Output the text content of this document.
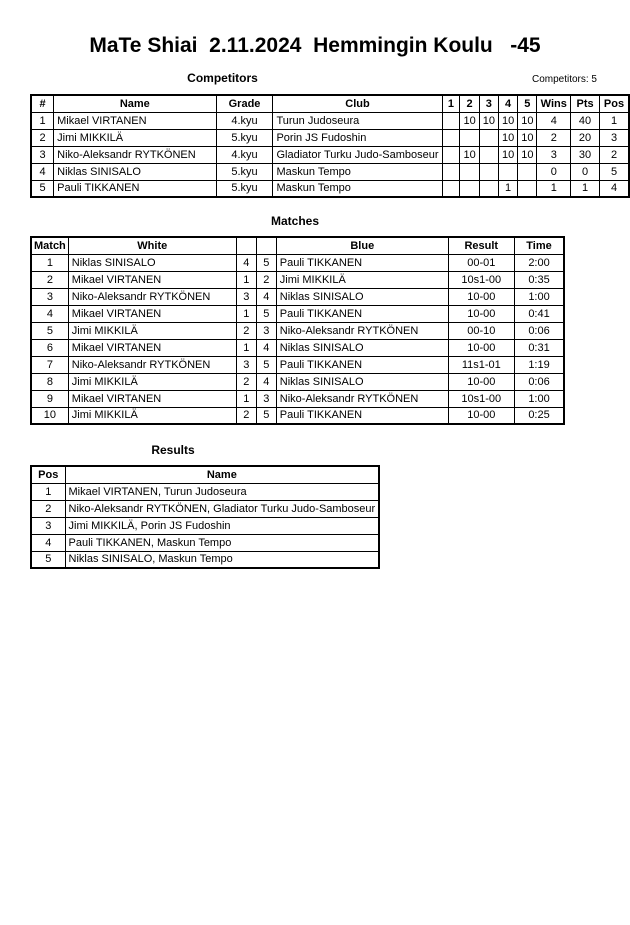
MaTe Shiai  2.11.2024  Hemmingin Koulu   -45
Competitors	Competitors: 5
#	Name	Grade	Club	1	2	3	4	5	Wins	Pts	Pos
1	Mikael VIRTANEN	4.kyu	Turun Judoseura		10	10	10	10	4	40	1
2	Jimi MIKKILÄ	5.kyu	Porin JS Fudoshin				10	10	2	20	3
3	Niko-Aleksandr RYTKÖNEN	4.kyu	Gladiator Turku Judo-Samboseur		10		10	10	3	30	2
4	Niklas SINISALO	5.kyu	Maskun Tempo						0	0	5
5	Pauli TIKKANEN	5.kyu	Maskun Tempo				1		1	1	4
Matches
Match	White			Blue	Result	Time
1	Niklas SINISALO	4	5	Pauli TIKKANEN	00-01	2:00
2	Mikael VIRTANEN	1	2	Jimi MIKKILÄ	10s1-00	0:35
3	Niko-Aleksandr RYTKÖNEN	3	4	Niklas SINISALO	10-00	1:00
4	Mikael VIRTANEN	1	5	Pauli TIKKANEN	10-00	0:41
5	Jimi MIKKILÄ	2	3	Niko-Aleksandr RYTKÖNEN	00-10	0:06
6	Mikael VIRTANEN	1	4	Niklas SINISALO	10-00	0:31
7	Niko-Aleksandr RYTKÖNEN	3	5	Pauli TIKKANEN	11s1-01	1:19
8	Jimi MIKKILÄ	2	4	Niklas SINISALO	10-00	0:06
9	Mikael VIRTANEN	1	3	Niko-Aleksandr RYTKÖNEN	10s1-00	1:00
10	Jimi MIKKILÄ	2	5	Pauli TIKKANEN	10-00	0:25
Results
Pos	Name
1	Mikael VIRTANEN, Turun Judoseura
2	Niko-Aleksandr RYTKÖNEN, Gladiator Turku Judo-Samboseur
3	Jimi MIKKILÄ, Porin JS Fudoshin
4	Pauli TIKKANEN, Maskun Tempo
5	Niklas SINISALO, Maskun Tempo
